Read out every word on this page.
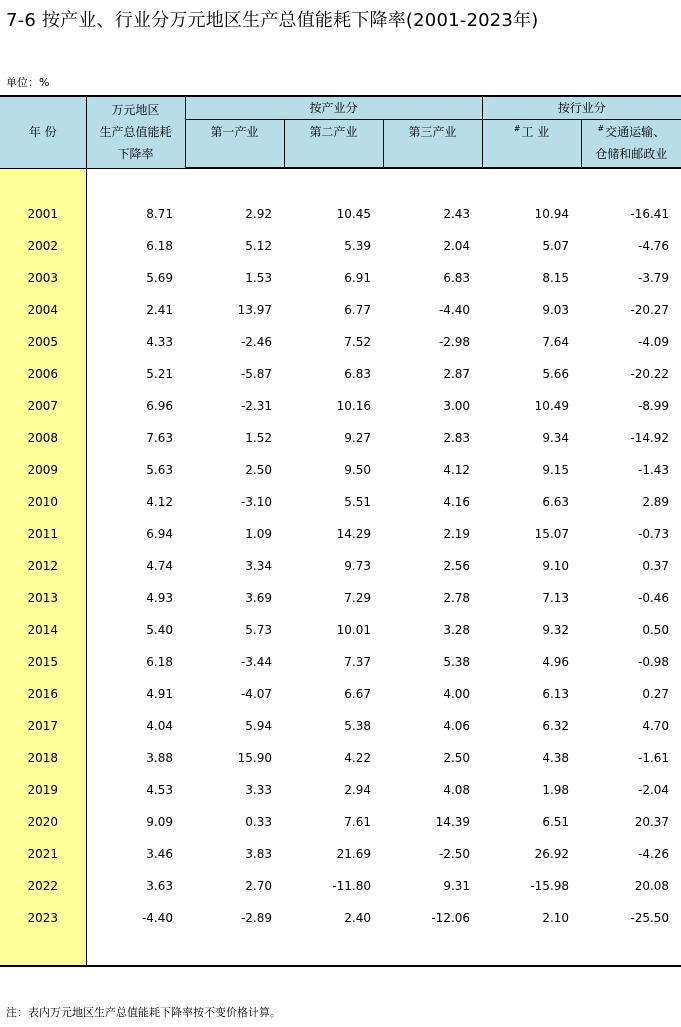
7-6 按产业、行业分万元地区生产总值能耗下降率(2001-2023年)
单位：%
年 份	万元地区
生产总值能耗
下降率	按产业分			按行业分	
		第一产业	第二产业	第三产业	#工 业	#交通运输、
仓储和邮政业

2001	8.71	2.92	10.45	2.43	10.94	-16.41
2002	6.18	5.12	5.39	2.04	5.07	-4.76
2003	5.69	1.53	6.91	6.83	8.15	-3.79
2004	2.41	13.97	6.77	-4.40	9.03	-20.27
2005	4.33	-2.46	7.52	-2.98	7.64	-4.09
2006	5.21	-5.87	6.83	2.87	5.66	-20.22
2007	6.96	-2.31	10.16	3.00	10.49	-8.99
2008	7.63	1.52	9.27	2.83	9.34	-14.92
2009	5.63	2.50	9.50	4.12	9.15	-1.43
2010	4.12	-3.10	5.51	4.16	6.63	2.89
2011	6.94	1.09	14.29	2.19	15.07	-0.73
2012	4.74	3.34	9.73	2.56	9.10	0.37
2013	4.93	3.69	7.29	2.78	7.13	-0.46
2014	5.40	5.73	10.01	3.28	9.32	0.50
2015	6.18	-3.44	7.37	5.38	4.96	-0.98
2016	4.91	-4.07	6.67	4.00	6.13	0.27
2017	4.04	5.94	5.38	4.06	6.32	4.70
2018	3.88	15.90	4.22	2.50	4.38	-1.61
2019	4.53	3.33	2.94	4.08	1.98	-2.04
2020	9.09	0.33	7.61	14.39	6.51	20.37
2021	3.46	3.83	21.69	-2.50	26.92	-4.26
2022	3.63	2.70	-11.80	9.31	-15.98	20.08
2023	-4.40	-2.89	2.40	-12.06	2.10	-25.50

注：表内万元地区生产总值能耗下降率按不变价格计算。
